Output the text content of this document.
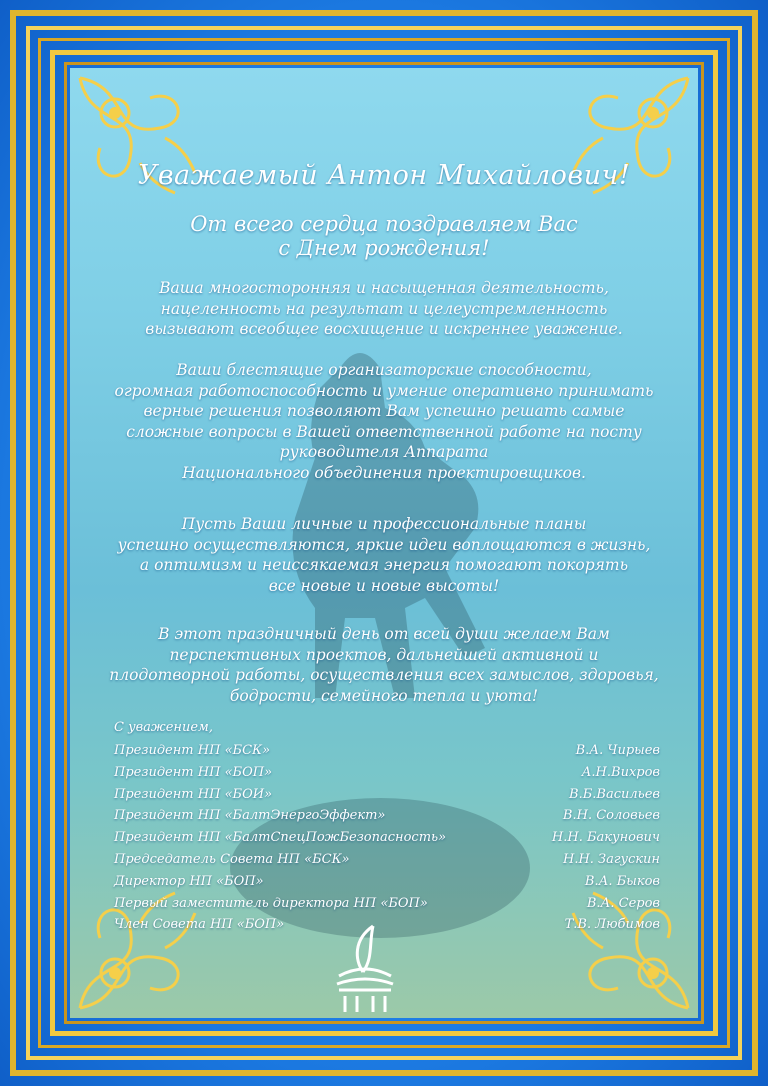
Уважаемый Антон Михайлович!
От всего сердца поздравляем Вас
с Днем рождения!
Ваша многосторонняя и насыщенная деятельность,
нацеленность на результат и целеустремленность
вызывают всеобщее восхищение и искреннее уважение.
Ваши блестящие организаторские способности,
огромная работоспособность и умение оперативно принимать
верные решения позволяют Вам успешно решать самые
сложные вопросы в Вашей ответственной работе на посту
руководителя Аппарата
Национального объединения проектировщиков.
Пусть Ваши личные и профессиональные планы
успешно осуществляются, яркие идеи воплощаются в жизнь,
а оптимизм и неиссякаемая энергия помогают покорять
все новые и новые высоты!
В этот праздничный день от всей души желаем Вам
перспективных проектов, дальнейшей активной и
плодотворной работы, осуществления всех замыслов, здоровья,
бодрости, семейного тепла и уюта!
С уважением,
Президент НП «БСК»	В.А. Чирыев
Президент НП «БОП»	А.Н.Вихров
Президент НП «БОИ»	В.Б.Васильев
Президент НП «БалтЭнергоЭффект»	В.Н. Соловьев
Президент НП «БалтСпецПожБезопасность»	Н.Н. Бакунович
Председатель Совета НП «БСК»	Н.Н. Загускин
Директор НП «БОП»	В.А. Быков
Первый заместитель директора НП «БОП»	В.А. Серов
Член Совета НП «БОП»	Т.В. Любимов
